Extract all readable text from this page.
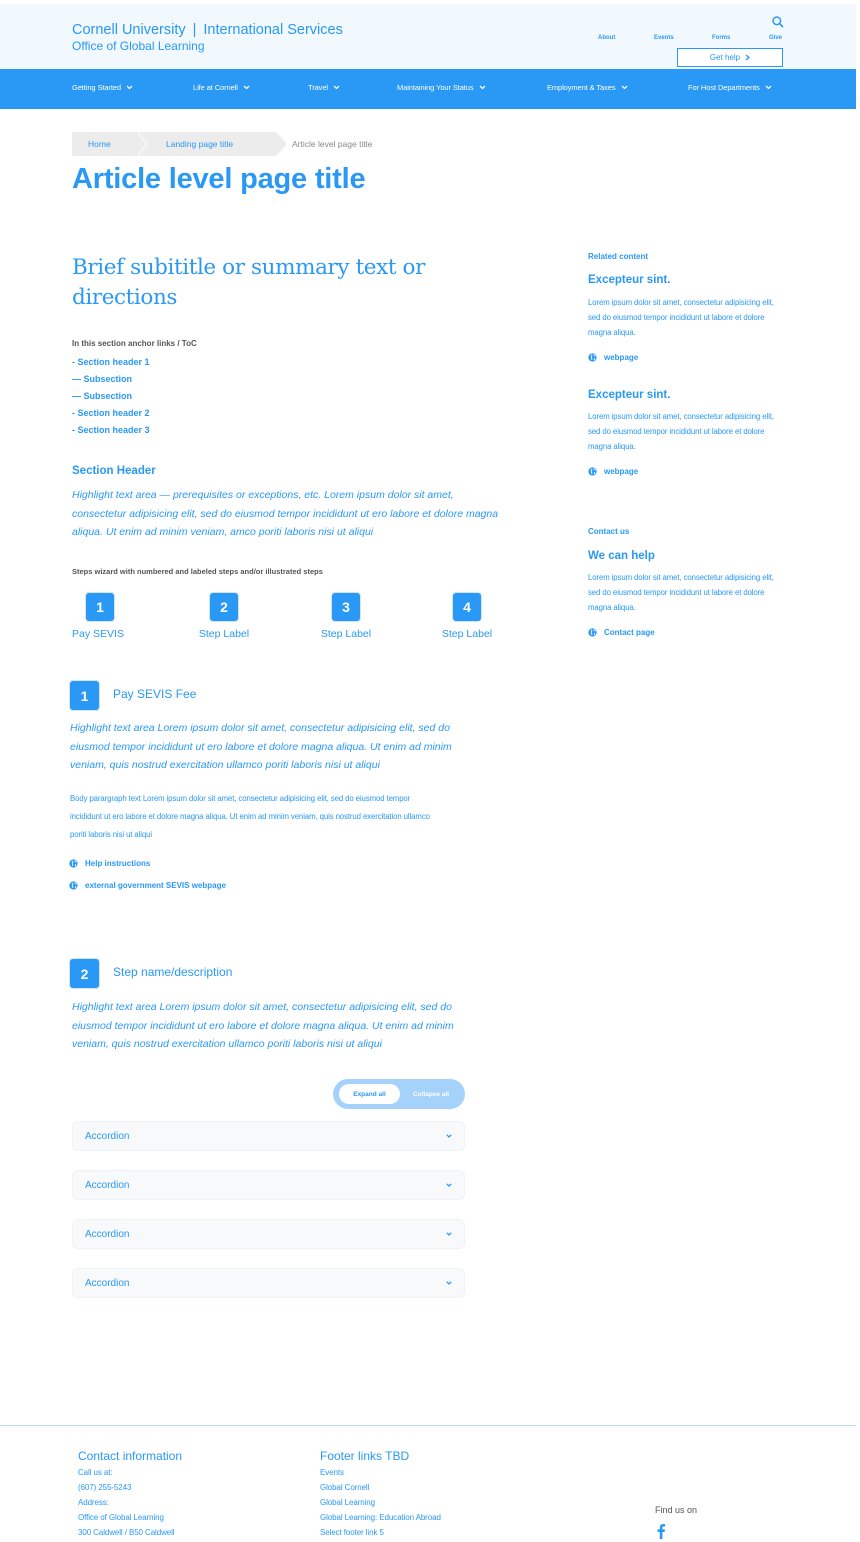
Cornell University | International Services
Office of Global Learning
About	Events	Forms	Give
Get help
Getting Started	Life at Cornell	Travel	Maintaining Your Status	Employment & Taxes	For Host Departments
Home	Landing page title	Article level page title
Article level page title
Brief subititle or summary text or directions
In this section anchor links / ToC
- Section header 1
— Subsection
— Subsection
- Section header 2
- Section header 3
Section Header

Highlight text area — prerequisites or exceptions, etc. Lorem ipsum dolor sit amet, consectetur adipisicing elit, sed do eiusmod tempor incididunt ut ero labore et dolore magna aliqua. Ut enim ad minim veniam, amco poriti laboris nisi ut aliqui

Steps wizard with numbered and labeled steps and/or illustrated steps
1
Pay SEVIS
2
Step Label
3
Step Label
4
Step Label
1	Pay SEVIS Fee

Highlight text area Lorem ipsum dolor sit amet, consectetur adipisicing elit, sed do eiusmod tempor incididunt ut ero labore et dolore magna aliqua. Ut enim ad minim veniam, quis nostrud exercitation ullamco poriti laboris nisi ut aliqui

Body parargraph text Lorem ipsum dolor sit amet, consectetur adipisicing elit, sed do eiusmod tempor incididunt ut ero labore et dolore magna aliqua. Ut enim ad minim veniam, quis nostrud exercitation ullamco poriti laboris nisi ut aliqui

Help instructions
external government SEVIS webpage
2	Step name/description

Highlight text area Lorem ipsum dolor sit amet, consectetur adipisicing elit, sed do eiusmod tempor incididunt ut ero labore et dolore magna aliqua. Ut enim ad minim veniam, quis nostrud exercitation ullamco poriti laboris nisi ut aliqui

Expand all	Collapse all
Accordion
Accordion
Accordion
Accordion
Related content
Excepteur sint.

Lorem ipsum dolor sit amet, consectetur adipisicing elit, sed do eiusmod tempor incididunt ut labore et dolore magna aliqua.

webpage
Excepteur sint.

Lorem ipsum dolor sit amet, consectetur adipisicing elit, sed do eiusmod tempor incididunt ut labore et dolore magna aliqua.

webpage
Contact us
We can help

Lorem ipsum dolor sit amet, consectetur adipisicing elit, sed do eiusmod tempor incididunt ut labore et dolore magna aliqua.

Contact page
Contact information
Call us at:
(607) 255-5243
Address:
Office of Global Learning
300 Caldwell / B50 Caldwell
Footer links TBD
Events
Global Cornell
Global Learning
Global Learning: Education Abroad
Select footer link 5
Find us on
